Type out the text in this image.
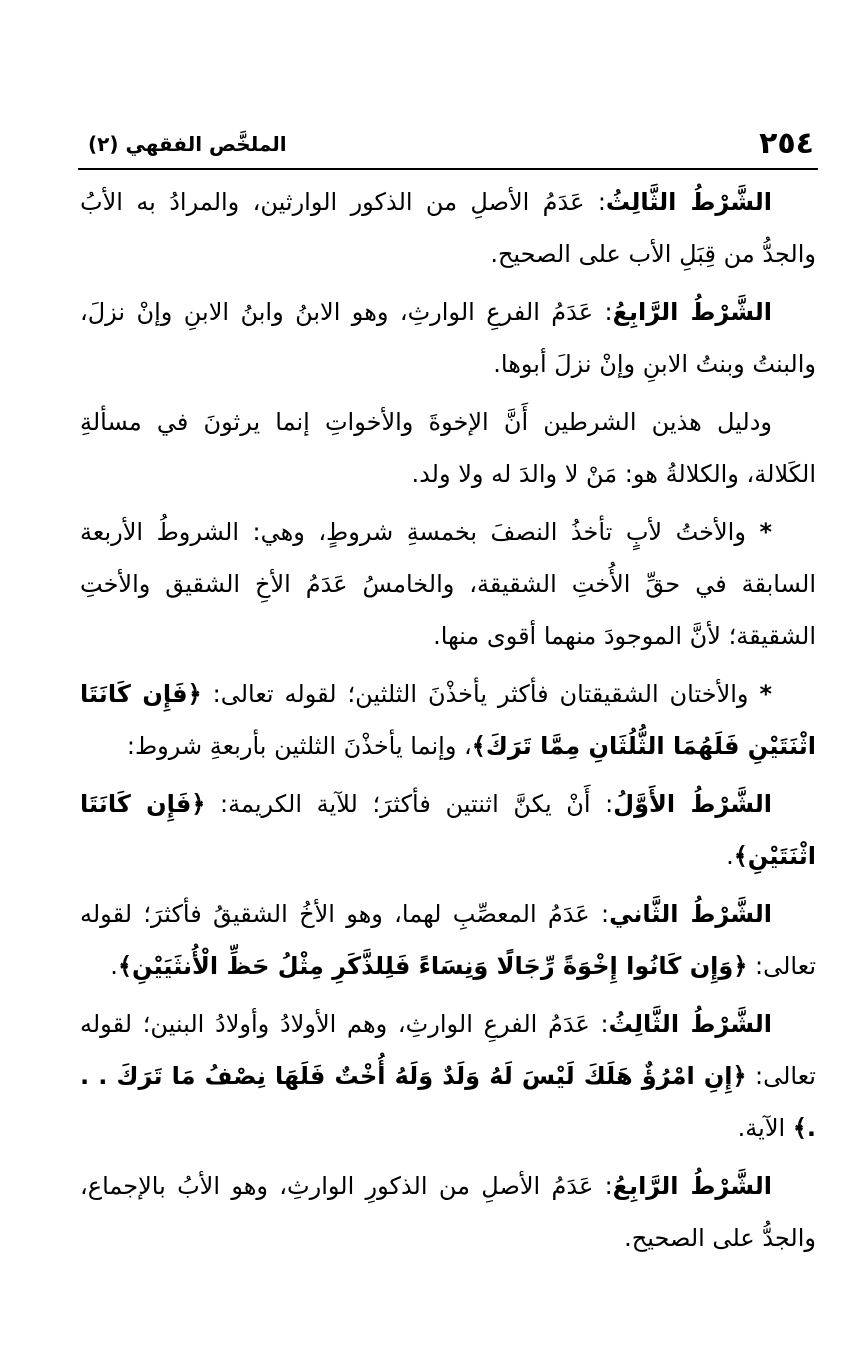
٢٥٤
الملخَّص الفقهي (٢)

الشَّرْطُ الثَّالِثُ: عَدَمُ الأصلِ من الذكور الوارثين، والمرادُ به الأبُ والجدُّ من قِبَلِ الأب على الصحيح.

الشَّرْطُ الرَّابِعُ: عَدَمُ الفرعِ الوارثِ، وهو الابنُ وابنُ الابنِ وإنْ نزلَ، والبنتُ وبنتُ الابنِ وإنْ نزلَ أبوها.

ودليل هذين الشرطين أَنَّ الإخوةَ والأخواتِ إنما يرثونَ في مسألةِ الكَلالة، والكلالةُ هو: مَنْ لا والدَ له ولا ولد.

* والأختُ لأبٍ تأخذُ النصفَ بخمسةِ شروطٍ، وهي: الشروطُ الأربعة السابقة في حقِّ الأُختِ الشقيقة، والخامسُ عَدَمُ الأخِ الشقيق والأختِ الشقيقة؛ لأنَّ الموجودَ منهما أقوى منها.

* والأختان الشقيقتان فأكثر يأخذْنَ الثلثين؛ لقوله تعالى: ﴿فَإِن كَانَتَا اثْنَتَيْنِ فَلَهُمَا الثُّلُثَانِ مِمَّا تَرَكَ﴾، وإنما يأخذْنَ الثلثين بأربعةِ شروط:

الشَّرْطُ الأَوَّلُ: أَنْ يكنَّ اثنتين فأكثرَ؛ للآية الكريمة: ﴿فَإِن كَانَتَا اثْنَتَيْنِ﴾.

الشَّرْطُ الثَّاني: عَدَمُ المعصِّبِ لهما، وهو الأخُ الشقيقُ فأكثرَ؛ لقوله تعالى: ﴿وَإِن كَانُوا إِخْوَةً رِّجَالًا وَنِسَاءً فَلِلذَّكَرِ مِثْلُ حَظِّ الْأُنثَيَيْنِ﴾.

الشَّرْطُ الثَّالِثُ: عَدَمُ الفرعِ الوارثِ، وهم الأولادُ وأولادُ البنين؛ لقوله تعالى: ﴿إِنِ امْرُؤٌ هَلَكَ لَيْسَ لَهُ وَلَدٌ وَلَهُ أُخْتٌ فَلَهَا نِصْفُ مَا تَرَكَ . . .﴾ الآية.

الشَّرْطُ الرَّابِعُ: عَدَمُ الأصلِ من الذكورِ الوارثِ، وهو الأبُ بالإجماع، والجدُّ على الصحيح.
